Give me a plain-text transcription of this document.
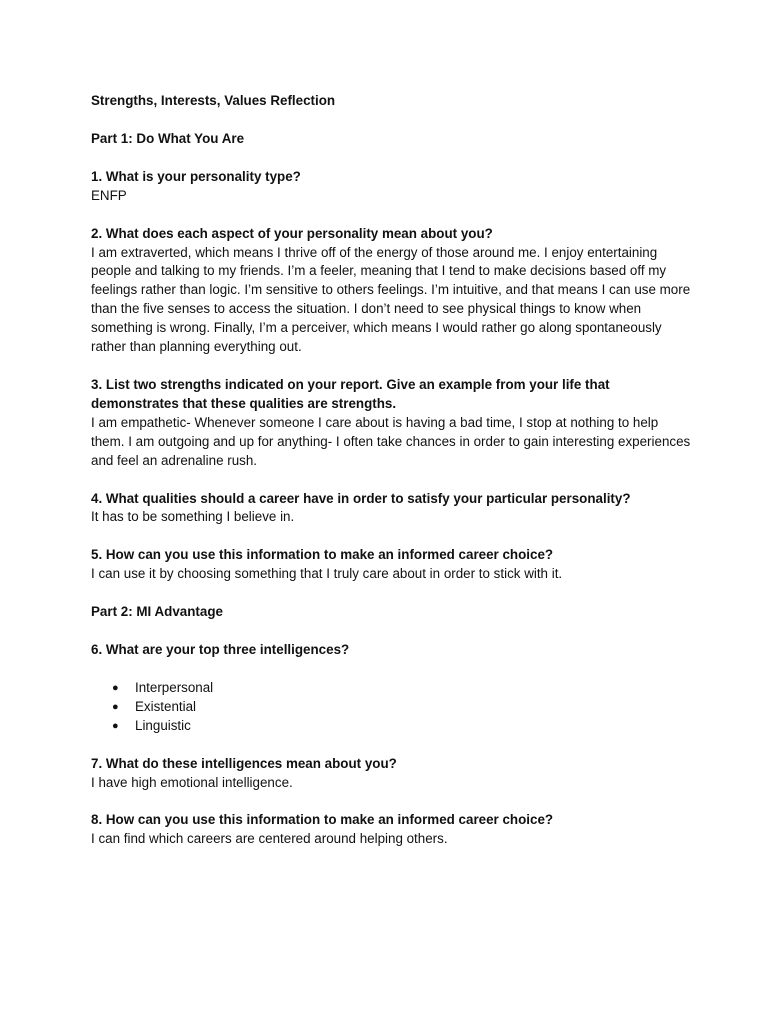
Strengths, Interests, Values Reflection

Part 1: Do What You Are

1. What is your personality type?

ENFP

2. What does each aspect of your personality mean about you?

I am extraverted, which means I thrive off of the energy of those around me. I enjoy entertaining people and talking to my friends. I’m a feeler, meaning that I tend to make decisions based off my feelings rather than logic. I’m sensitive to others feelings. I’m intuitive, and that means I can use more than the five senses to access the situation. I don’t need to see physical things to know when something is wrong. Finally, I’m a perceiver, which means I would rather go along spontaneously rather than planning everything out.

3. List two strengths indicated on your report. Give an example from your life that demonstrates that these qualities are strengths.

I am empathetic- Whenever someone I care about is having a bad time, I stop at nothing to help them. I am outgoing and up for anything- I often take chances in order to gain interesting experiences and feel an adrenaline rush.

4. What qualities should a career have in order to satisfy your particular personality?

It has to be something I believe in.

5. How can you use this information to make an informed career choice?

I can use it by choosing something that I truly care about in order to stick with it.

Part 2: MI Advantage

6. What are your top three intelligences?

● Interpersonal
● Existential
● Linguistic

7. What do these intelligences mean about you?

I have high emotional intelligence.

8. How can you use this information to make an informed career choice?

I can find which careers are centered around helping others.
